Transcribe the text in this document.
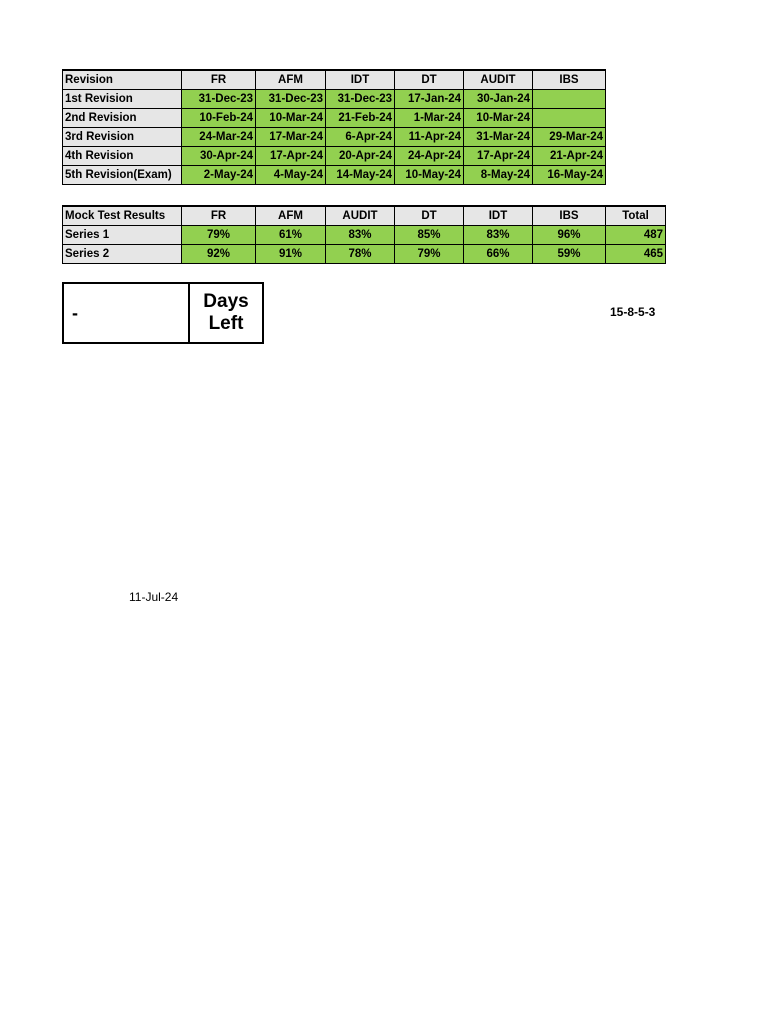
Revision	FR	AFM	IDT	DT	AUDIT	IBS
1st Revision	31-Dec-23	31-Dec-23	31-Dec-23	17-Jan-24	30-Jan-24	
2nd Revision	10-Feb-24	10-Mar-24	21-Feb-24	1-Mar-24	10-Mar-24	
3rd Revision	24-Mar-24	17-Mar-24	6-Apr-24	11-Apr-24	31-Mar-24	29-Mar-24
4th Revision	30-Apr-24	17-Apr-24	20-Apr-24	24-Apr-24	17-Apr-24	21-Apr-24
5th Revision(Exam)	2-May-24	4-May-24	14-May-24	10-May-24	8-May-24	16-May-24
Mock Test Results	FR	AFM	AUDIT	DT	IDT	IBS	Total
Series 1	79%	61%	83%	85%	83%	96%	487
Series 2	92%	91%	78%	79%	66%	59%	465
-	
Days
Left
15-8-5-3
11-Jul-24
